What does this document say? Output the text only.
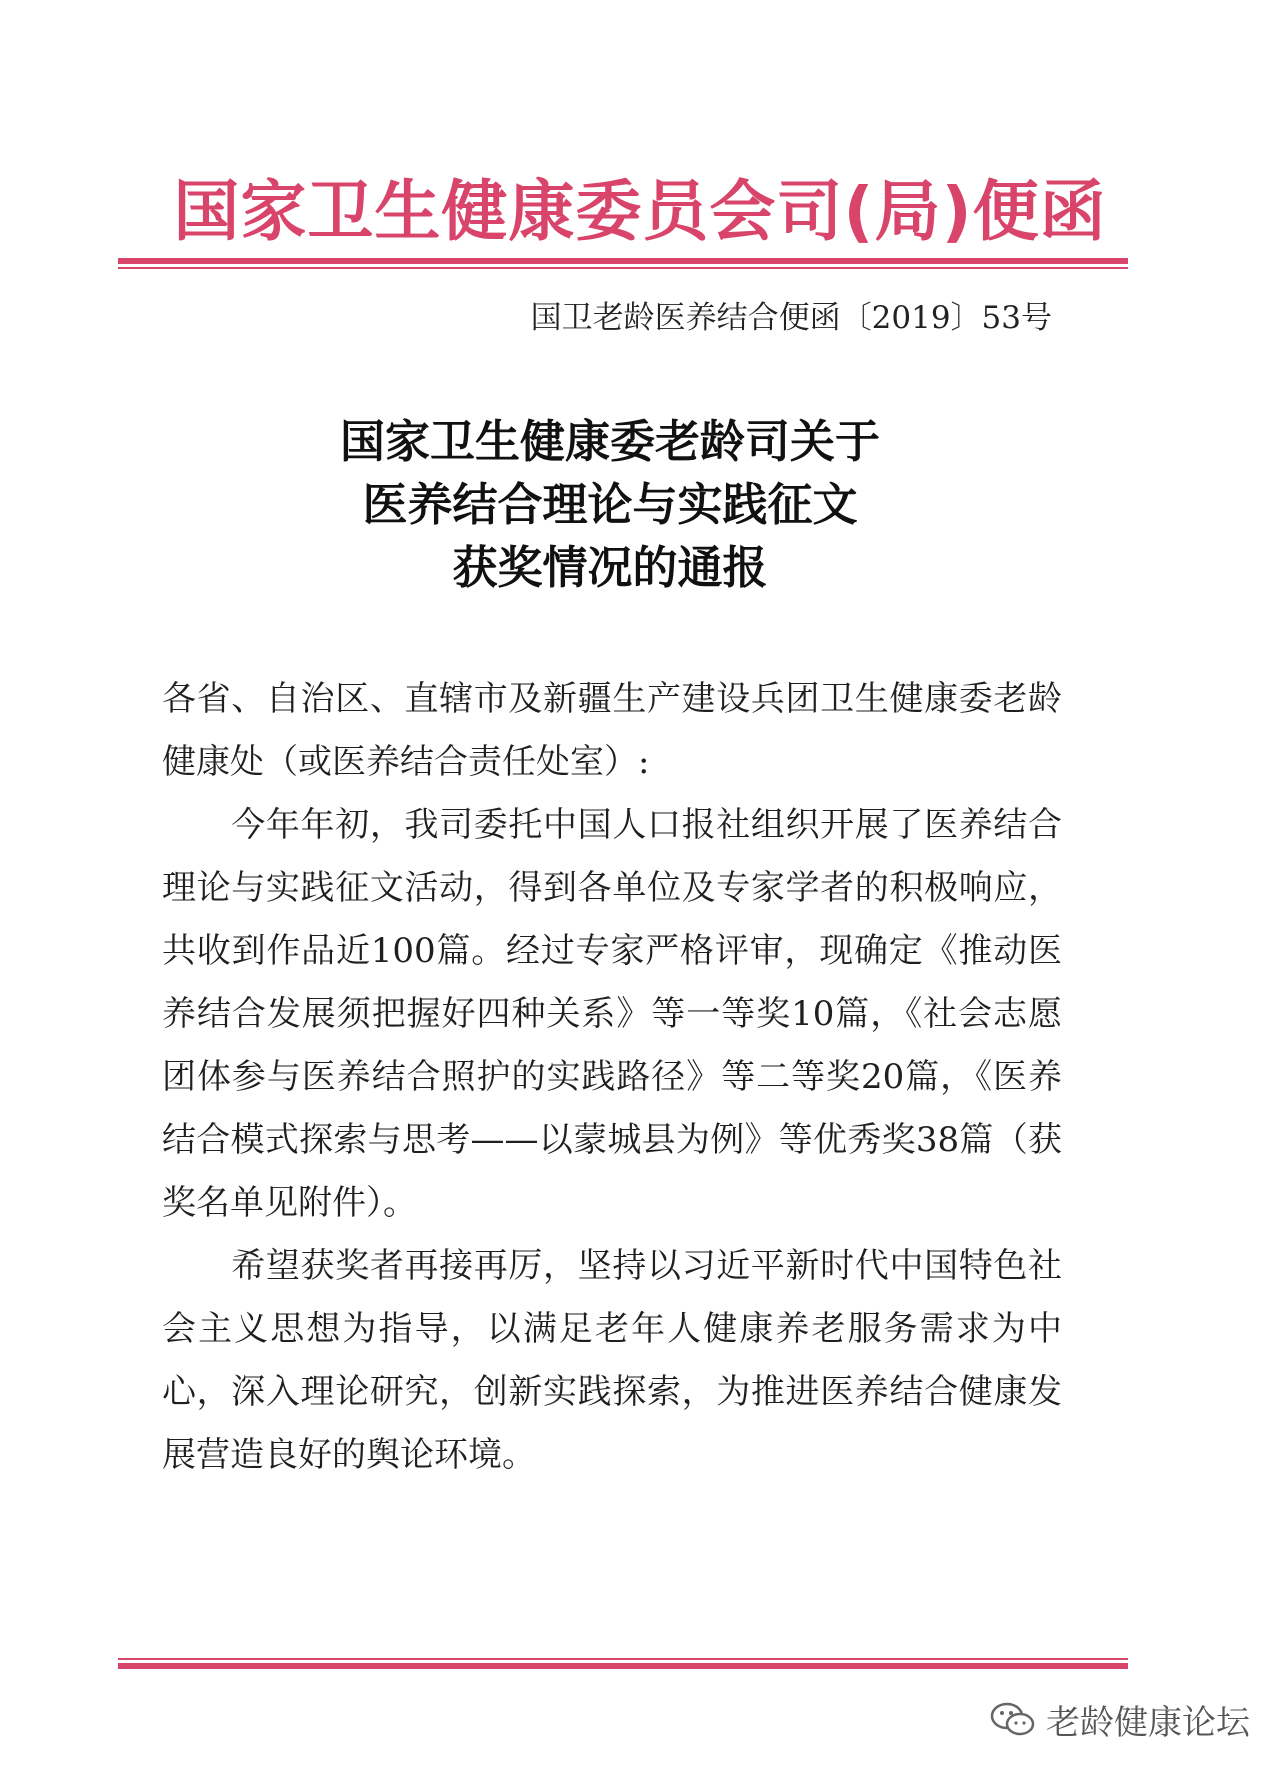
国家卫生健康委员会司(局)便函
国卫老龄医养结合便函〔2019〕53号
国家卫生健康委老龄司关于
医养结合理论与实践征文
获奖情况的通报
各省、自治区、直辖市及新疆生产建设兵团卫生健康委老龄
健康处（或医养结合责任处室）:
　　今年年初，我司委托中国人口报社组织开展了医养结合
理论与实践征文活动，得到各单位及专家学者的积极响应，
共收到作品近100篇。经过专家严格评审，现确定《推动医
养结合发展须把握好四种关系》等一等奖10篇，《社会志愿
团体参与医养结合照护的实践路径》等二等奖20篇，《医养
结合模式探索与思考——以蒙城县为例》等优秀奖38篇（获
奖名单见附件）。
　　希望获奖者再接再厉，坚持以习近平新时代中国特色社
会主义思想为指导，以满足老年人健康养老服务需求为中
心，深入理论研究，创新实践探索，为推进医养结合健康发
展营造良好的舆论环境。
老龄健康论坛
